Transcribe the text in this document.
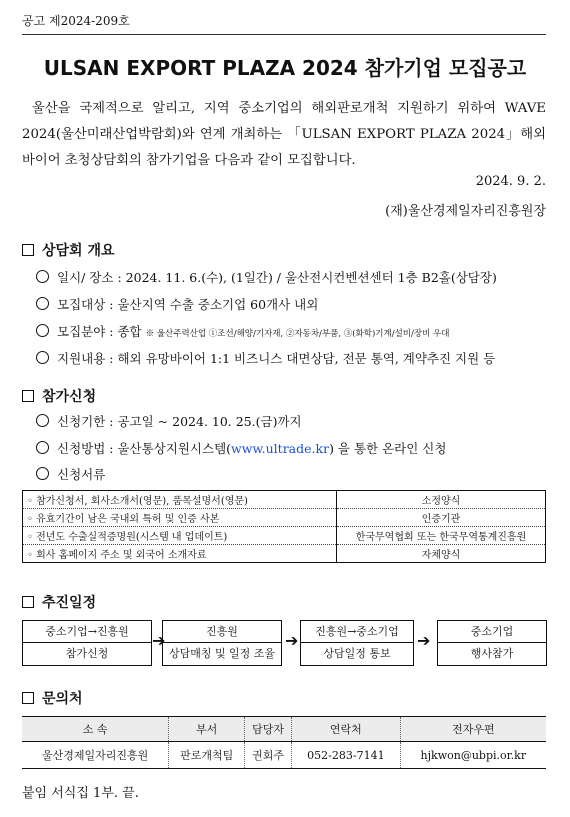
공고 제2024-209호
ULSAN EXPORT PLAZA 2024 참가기업 모집공고

울산을 국제적으로 알리고, 지역 중소기업의 해외판로개척 지원하기 위하여 WAVE 2024(울산미래산업박람회)와 연계 개최하는 「ULSAN EXPORT PLAZA 2024」해외바이어 초청상담회의 참가기업을 다음과 같이 모집합니다.

2024. 9. 2.
(재)울산경제일자리진흥원장
상담회 개요
일시/ 장소 : 2024. 11. 6.(수), (1일간) / 울산전시컨벤션센터 1층 B2홀(상담장)
모집대상 : 울산지역 수출 중소기업 60개사 내외
모집분야 : 종합 ※ 울산주력산업 ①조선/해양/기자재, ②자동차/부품, ③(화학)기계/설비/장비 우대
지원내용 : 해외 유망바이어 1:1 비즈니스 대면상담, 전문 통역, 계약추진 지원 등
참가신청
신청기한 : 공고일 ~ 2024. 10. 25.(금)까지
신청방법 : 울산통상지원시스템(www.ultrade.kr) 을 통한 온라인 신청
신청서류
◦ 참가신청서, 회사소개서(영문), 품목설명서(영문)	소정양식
◦ 유효기간이 남은 국내외 특허 및 인증 사본	인증기관
◦ 전년도 수출실적증명원(시스템 내 업데이트)	한국무역협회 또는 한국무역통계진흥원
◦ 회사 홈페이지 주소 및 외국어 소개자료	자체양식
추진일정
중소기업→진흥원
참가신청
➔	진흥원
상담매칭 및 일정 조율
➔	진흥원→중소기업
상담일정 통보
➔	중소기업
행사참가
문의처
소 속	부서	담당자	연락처	전자우편
울산경제일자리진흥원	판로개척팀	권회주	052-283-7141	hjkwon@ubpi.or.kr
붙임 서식집 1부. 끝.
